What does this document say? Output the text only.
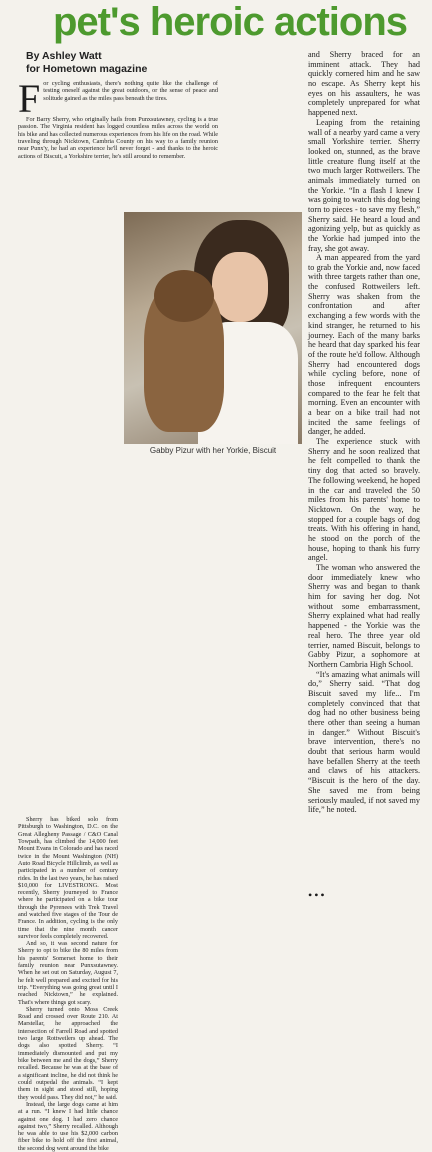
pet's heroic actions
By Ashley Watt
for Hometown magazine

For cycling enthusiasts, there's nothing quite like the challenge of testing oneself against the great outdoors, or the sense of peace and solitude gained as the miles pass beneath the tires.

For Barry Sherry, who originally hails from Punxsutawney, cycling is a true passion. The Virginia resident has logged countless miles across the world on his bike and has collected numerous experiences from his life on the road. While traveling through Nicktown, Cambria County on his way to a family reunion near Punx'y, he had an experience he'll never forget - and thanks to the heroic actions of Biscuit, a Yorkshire terrier, he's still around to remember.

and Sherry braced for an imminent attack. They had quickly cornered him and he saw no escape. As Sherry kept his eyes on his assaulters, he was completely unprepared for what happened next.

Leaping from the retaining wall of a nearby yard came a very small Yorkshire terrier. Sherry looked on, stunned, as the brave little creature flung itself at the two much larger Rottweilers. The animals immediately turned on the Yorkie. “In a flash I knew I was going to watch this dog being torn to pieces - to save my flesh,” Sherry said. He heard a loud and agonizing yelp, but as quickly as the Yorkie had jumped into the fray, she got away.

Gabby Pizur with her Yorkie, Biscuit

Sherry has biked solo from Pittsburgh to Washington, D.C. on the Great Allegheny Passage / C&O Canal Towpath, has climbed the 14,000 feet Mount Evans in Colorado and has raced twice in the Mount Washington (NH) Auto Road Bicycle Hillclimb, as well as participated in a number of century rides. In the last two years, he has raised $10,000 for LIVESTRONG. Most recently, Sherry journeyed to France where he participated on a bike tour through the Pyrenees with Trek Travel and watched five stages of the Tour de France. In addition, cycling is the only time that the nine month cancer survivor feels completely recovered.

And so, it was second nature for Sherry to opt to bike the 80 miles from his parents' Somerset home to their family reunion near Punxsutawney. When he set out on Saturday, August 7, he felt well prepared and excited for his trip. “Everything was going great until I reached Nicktown,” he explained. That's where things got scary.

Sherry turned onto Moss Creek Road and crossed over Route 210. At Marstellar, he approached the intersection of Farrell Road and spotted two large Rottweilers up ahead. The dogs also spotted Sherry. “I immediately dismounted and put my bike between me and the dogs,” Sherry recalled. Because he was at the base of a significant incline, he did not think he could outpedal the animals. “I kept them in sight and stood still, hoping they would pass. They did not,” he said.

Instead, the large dogs came at him at a run. “I knew I had little chance against one dog. I had zero chance against two,” Sherry recalled. Although he was able to use his $2,000 carbon fiber bike to hold off the first animal, the second dog went around the bike

A man appeared from the yard to grab the Yorkie and, now faced with three targets rather than one, the confused Rottweilers left. Sherry was shaken from the confrontation and after exchanging a few words with the kind stranger, he returned to his journey. Each of the many barks he heard that day sparked his fear of the route he'd follow. Although Sherry had encountered dogs while cycling before, none of those infrequent encounters compared to the fear he felt that morning. Even an encounter with a bear on a bike trail had not incited the same feelings of danger, he added.

The experience stuck with Sherry and he soon realized that he felt compelled to thank the tiny dog that acted so bravely. The following weekend, he hoped in the car and traveled the 50 miles from his parents' home to Nicktown. On the way, he stopped for a couple bags of dog treats. With his offering in hand, he stood on the porch of the house, hoping to thank his furry angel.

The woman who answered the door immediately knew who Sherry was and began to thank him for saving her dog. Not without some embarrassment, Sherry explained what had really happened - the Yorkie was the real hero. The three year old terrier, named Biscuit, belongs to Gabby Pizur, a sophomore at Northern Cambria High School.

“It's amazing what animals will do,” Sherry said. “That dog Biscuit saved my life... I'm completely convinced that that dog had no other business being there other than seeing a human in danger.” Without Biscuit's brave intervention, there's no doubt that serious harm would have befallen Sherry at the teeth and claws of his attackers. “Biscuit is the hero of the day. She saved me from being seriously mauled, if not saved my life,” he noted.

•••
